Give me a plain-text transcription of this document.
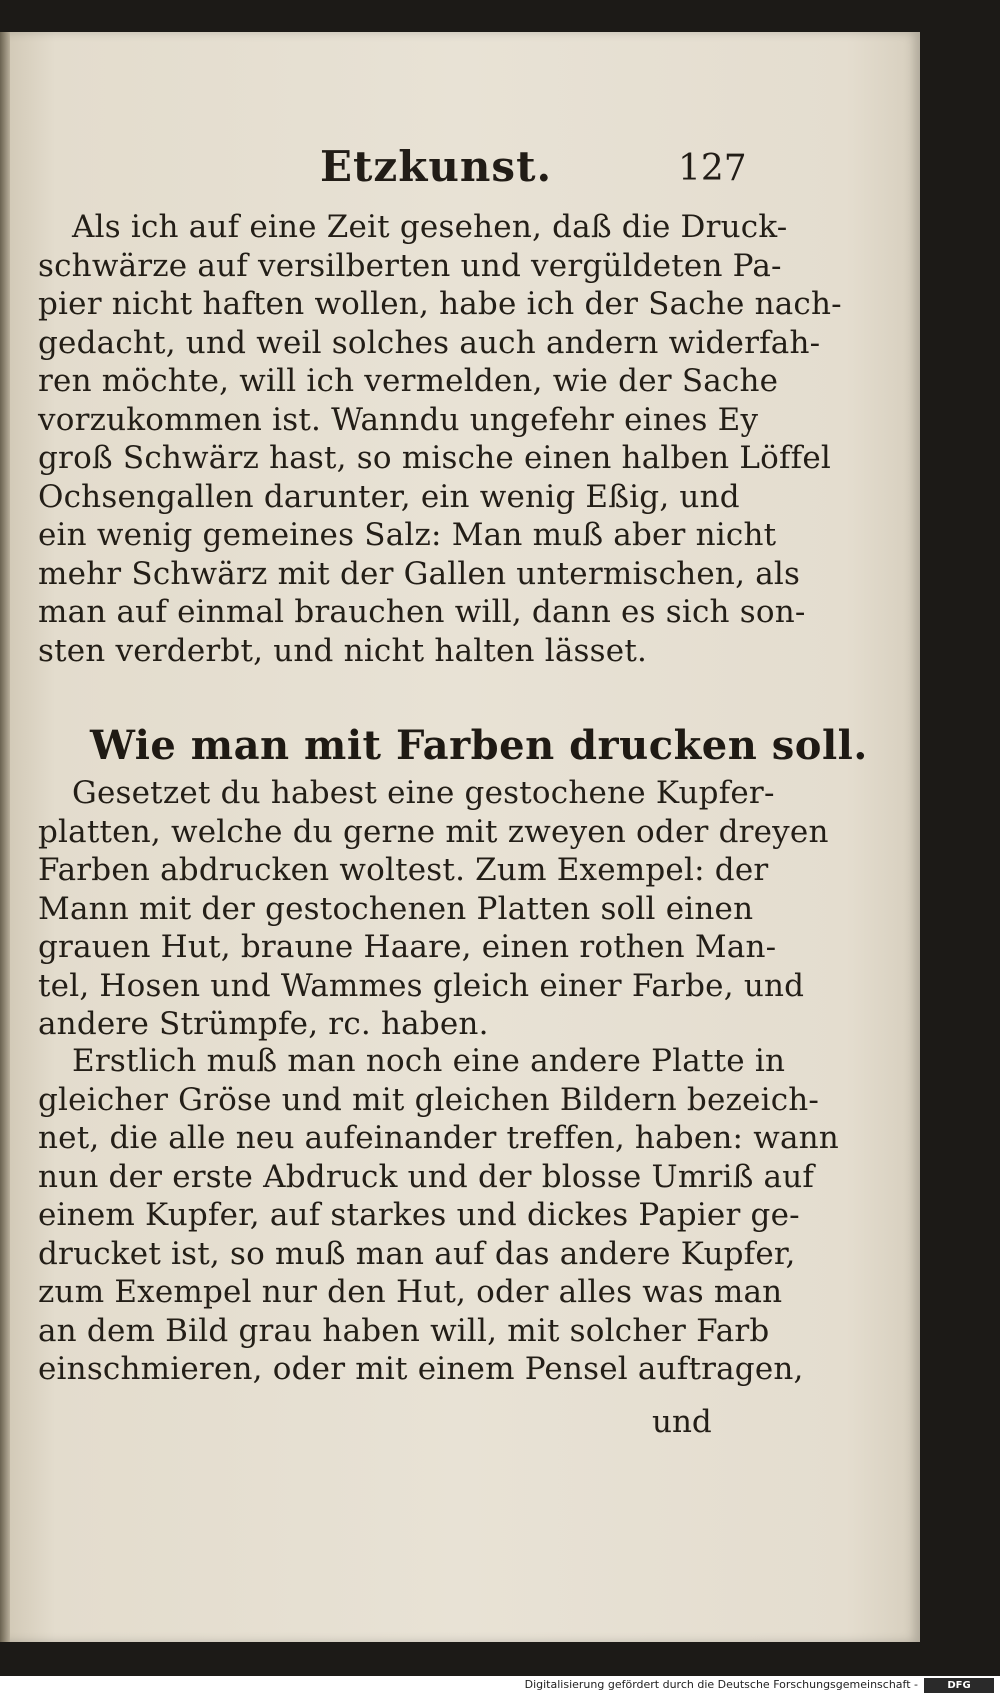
Etzkunst.	127
Als ich auf eine Zeit gesehen, daß die Druck-
schwärze auf versilberten und vergüldeten Pa-
pier nicht haften wollen, habe ich der Sache nach-
gedacht, und weil solches auch andern widerfah-
ren möchte, will ich vermelden, wie der Sache
vorzukommen ist. Wanndu ungefehr eines Ey
groß Schwärz hast, so mische einen halben Löffel
Ochsengallen darunter, ein wenig Eßig, und
ein wenig gemeines Salz: Man muß aber nicht
mehr Schwärz mit der Gallen untermischen, als
man auf einmal brauchen will, dann es sich son-
sten verderbt, und nicht halten lässet.
Wie man mit Farben drucken soll.
Gesetzet du habest eine gestochene Kupfer-
platten, welche du gerne mit zweyen oder dreyen
Farben abdrucken woltest. Zum Exempel: der
Mann mit der gestochenen Platten soll einen
grauen Hut, braune Haare, einen rothen Man-
tel, Hosen und Wammes gleich einer Farbe, und
andere Strümpfe, rc. haben.
Erstlich muß man noch eine andere Platte in
gleicher Gröse und mit gleichen Bildern bezeich-
net, die alle neu aufeinander treffen, haben: wann
nun der erste Abdruck und der blosse Umriß auf
einem Kupfer, auf starkes und dickes Papier ge-
drucket ist, so muß man auf das andere Kupfer,
zum Exempel nur den Hut, oder alles was man
an dem Bild grau haben will, mit solcher Farb
einschmieren, oder mit einem Pensel auftragen,
und
Digitalisierung gefördert durch die Deutsche Forschungsgemeinschaft -	DFG
